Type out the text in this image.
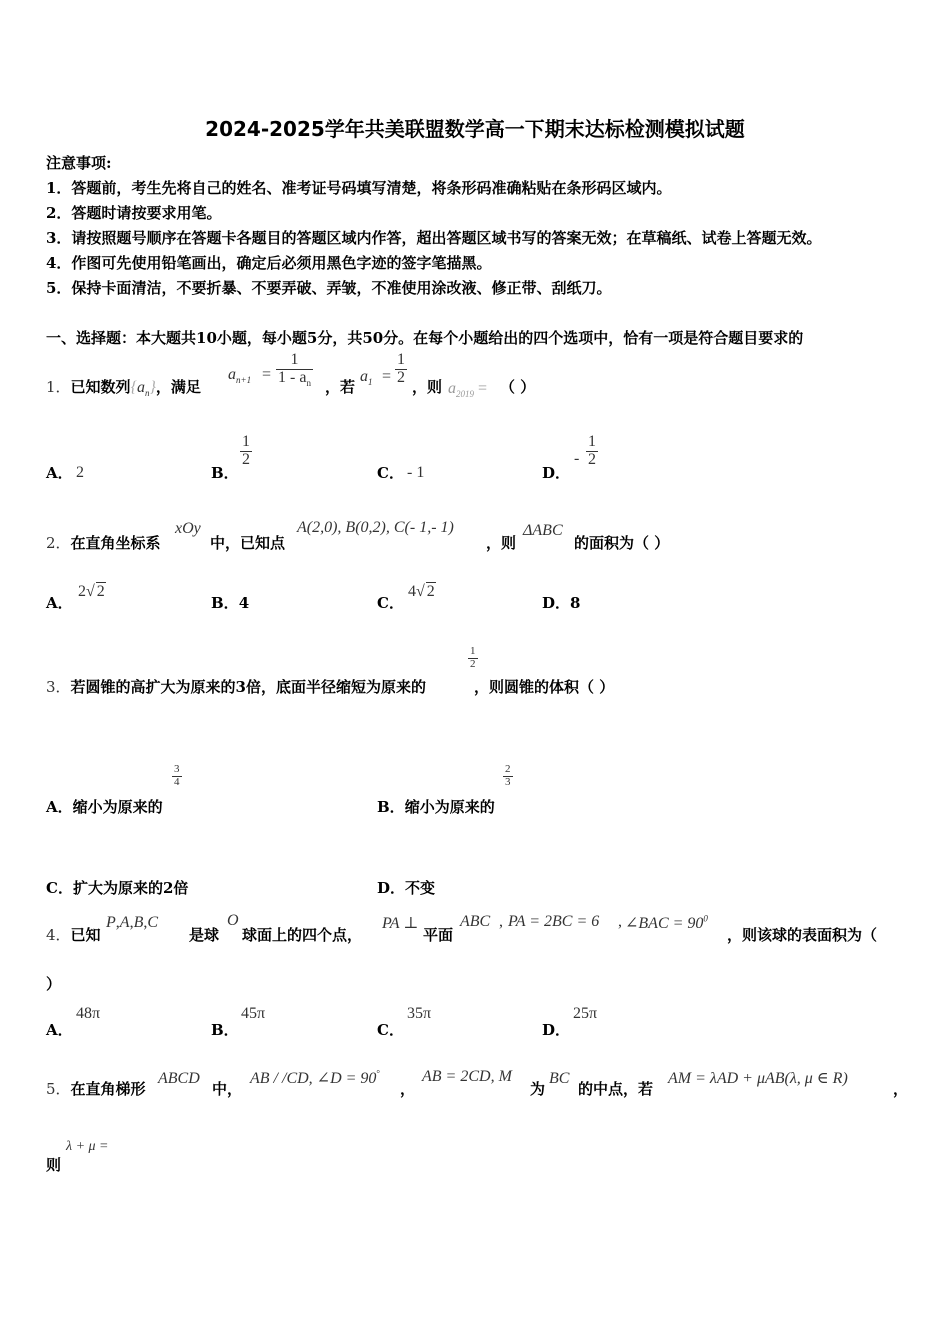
2024-2025学年共美联盟数学高一下期末达标检测模拟试题
注意事项:
1．答题前，考生先将自己的姓名、准考证号码填写清楚，将条形码准确粘贴在条形码区域内。
2．答题时请按要求用笔。
3．请按照题号顺序在答题卡各题目的答题区域内作答，超出答题区域书写的答案无效；在草稿纸、试卷上答题无效。
4．作图可先使用铅笔画出，确定后必须用黑色字迹的签字笔描黑。
5．保持卡面清洁，不要折暴、不要弄破、弄皱，不准使用涂改液、修正带、刮纸刀。
一、选择题：本大题共10小题，每小题5分，共50分。在每个小题给出的四个选项中，恰有一项是符合题目要求的
1．已知数列$\{a_n\}$，满足
$a_{n+1} = \frac{1}{1 - a_n}$ ，若
$a_1 = \frac{1}{2}$
，则 $a_{2019}$ = （ ）
A． 2	B．
$\frac{1}{2}$
C． - 1	D．
- $\frac{1}{2}$
2．在直角坐标系
xOy
中，已知点
A(2,0), B(0,2), C(- 1,- 1)
，则
ΔABC
的面积为（ ）
A．
2√ 2
B．4	C．
4√ 2
D．8
3．若圆锥的高扩大为原来的3倍，底面半径缩短为原来的
$\frac{1}{2}$
，则圆锥的体积（ ）
A．缩小为原来的
$\frac{3}{4}$
B．缩小为原来的
$\frac{2}{3}$
C．扩大为原来的2倍	D．不变
4．已知
P,A,B,C
是球
O
球面上的四个点，
PA ⊥
平面
ABC , PA = 2BC = 6 , ∠BAC = $90^0$
，则该球的表面积为（
）
A．
48π
B．
45π
C．
35π
D．
25π
5．在直角梯形
ABCD
中，
AB / /CD, ∠D = 90°
，
AB = 2CD, M
为
BC
的中点，若
AM = λAD + μAB(λ, μ ∈ R)
，
则
λ + μ =
